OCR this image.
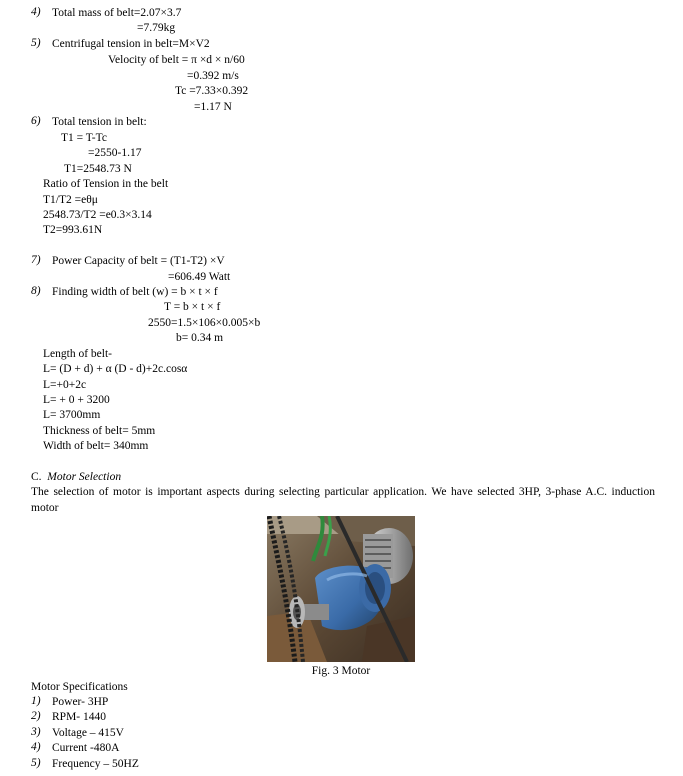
4) Total mass of belt=2.07×3.7
=7.79kg
5) Centrifugal tension in belt=M×V2
Velocity of belt = π ×d × n/60
=0.392 m/s
Tc =7.33×0.392
=1.17 N
6) Total tension in belt:
T1 = T-Tc
=2550-1.17
T1=2548.73 N
Ratio of Tension in the belt
T1/T2 =eθμ
2548.73/T2 =e0.3×3.14
T2=993.61N
7) Power Capacity of belt = (T1-T2) ×V
=606.49 Watt
8) Finding width of belt (w) = b × t × f
T = b × t × f
2550=1.5×106×0.005×b
b= 0.34 m
Length of belt-
L= (D + d) + α (D - d)+2c.cosα
L=+0+2c
L= + 0 + 3200
L= 3700mm
Thickness of belt= 5mm
Width of belt= 340mm
C. Motor Selection
The selection of motor is important aspects during selecting particular application. We have selected 3HP, 3-phase A.C. induction motor
Fig. 3 Motor
Motor Specifications
1) Power- 3HP
2) RPM- 1440
3) Voltage – 415V
4) Current -480A
5) Frequency – 50HZ
